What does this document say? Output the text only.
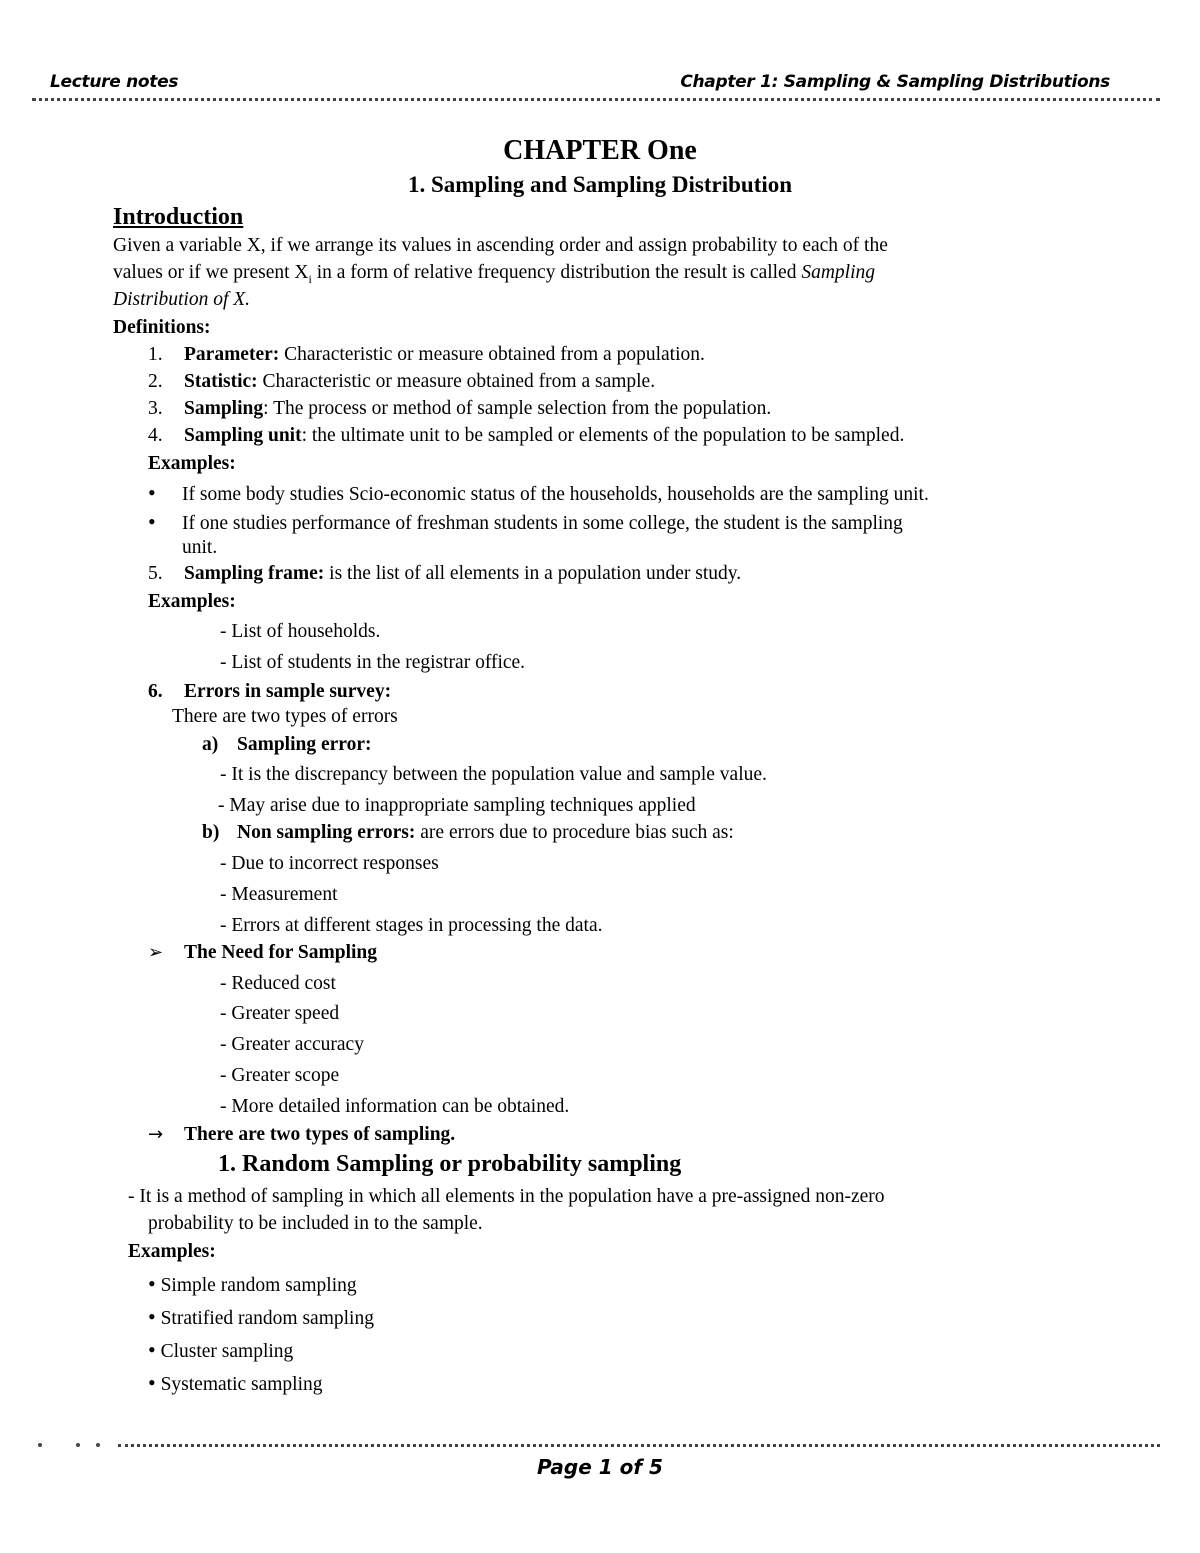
Lecture notes	Chapter 1: Sampling & Sampling Distributions
CHAPTER One
1. Sampling and Sampling Distribution
Introduction
Given a variable X, if we arrange its values in ascending order and assign probability to each of the
values or if we present $X_i$ in a form of relative frequency distribution the result is called Sampling
Distribution of X.
Definitions:
1. Parameter: Characteristic or measure obtained from a population.
2. Statistic: Characteristic or measure obtained from a sample.
3. Sampling: The process or method of sample selection from the population.
4. Sampling unit: the ultimate unit to be sampled or elements of the population to be sampled.
Examples:
• If some body studies Scio-economic status of the households, households are the sampling unit.
• If one studies performance of freshman students in some college, the student is the sampling
unit.
5. Sampling frame: is the list of all elements in a population under study.
Examples:
- List of households.
- List of students in the registrar office.
6. Errors in sample survey:
There are two types of errors
a) Sampling error:
- It is the discrepancy between the population value and sample value.
- May arise due to inappropriate sampling techniques applied
b) Non sampling errors: are errors due to procedure bias such as:
- Due to incorrect responses
- Measurement
- Errors at different stages in processing the data.
➢ The Need for Sampling
- Reduced cost
- Greater speed
- Greater accuracy
- Greater scope
- More detailed information can be obtained.
→ There are two types of sampling.
1. Random Sampling or probability sampling
- It is a method of sampling in which all elements in the population have a pre-assigned non-zero
probability to be included in to the sample.
Examples:
• Simple random sampling
• Stratified random sampling
• Cluster sampling
• Systematic sampling
Page 1 of 5
